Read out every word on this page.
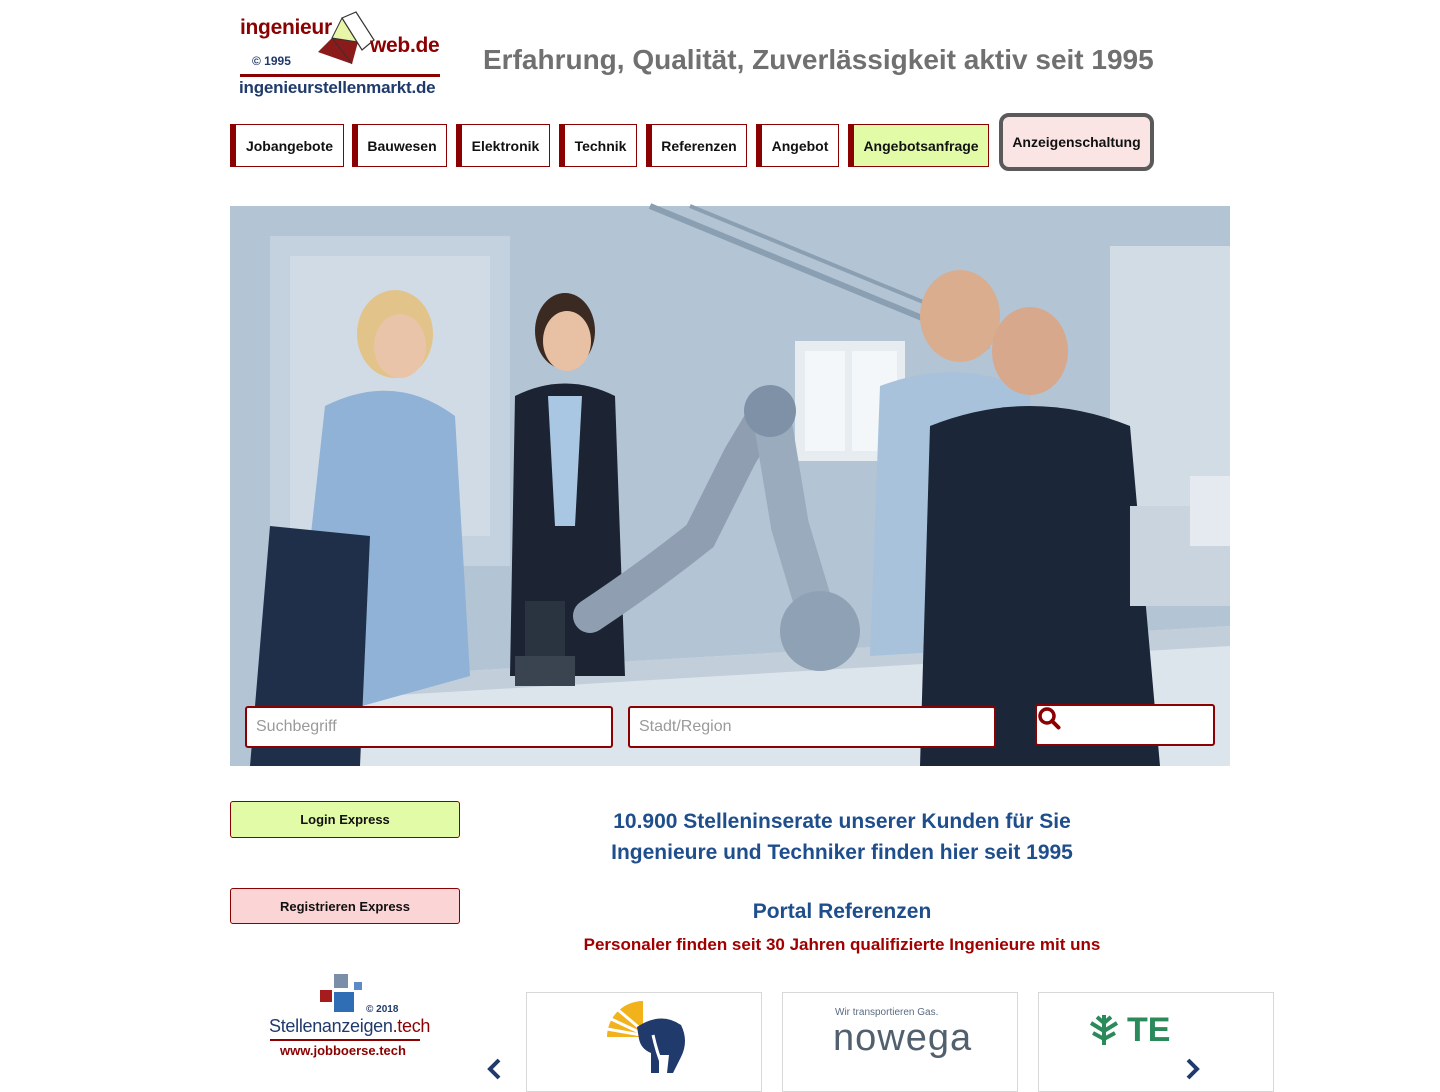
ingenieur
web.de
© 1995
ingenieurstellenmarkt.de
Erfahrung, Qualität, Zuverlässigkeit aktiv seit 1995
Jobangebote	Bauwesen	Elektronik	Technik	Referenzen	Angebot	Angebotsanfrage	Anzeigenschaltung
Suchbegriff
Stadt/Region
Login Express
Registrieren Express
© 2018
Stellenanzeigen.tech
www.jobboerse.tech
10.900 Stelleninserate unserer Kunden für Sie
Ingenieure und Techniker finden hier seit 1995
Portal Referenzen
Personaler finden seit 30 Jahren qualifizierte Ingenieure mit uns
Wir transportieren Gas.
nowega	TE
